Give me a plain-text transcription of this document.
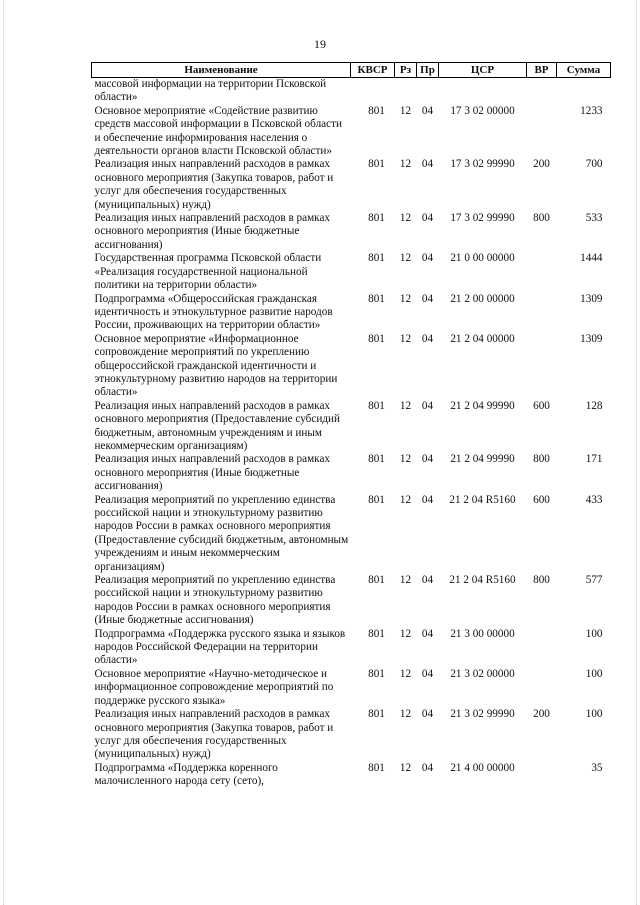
19
Наименование	КВСР	Рз	Пр	ЦСР	ВР	Сумма
массовой информации на территории Псковской области»						
Основное мероприятие «Содействие развитию средств массовой информации в Псковской области и обеспечение информирования населения о деятельности органов власти Псковской области»	801	12	04	17 3 02 00000		1233
Реализация иных направлений расходов в рамках основного мероприятия (Закупка товаров, работ и услуг для обеспечения государственных (муниципальных) нужд)	801	12	04	17 3 02 99990	200	700
Реализация иных направлений расходов в рамках основного мероприятия (Иные бюджетные ассигнования)	801	12	04	17 3 02 99990	800	533
Государственная программа Псковской области «Реализация государственной национальной политики на территории области»	801	12	04	21 0 00 00000		1444
Подпрограмма «Общероссийская гражданская идентичность и этнокультурное развитие народов России, проживающих на территории области»	801	12	04	21 2 00 00000		1309
Основное мероприятие «Информационное сопровождение мероприятий по укреплению общероссийской гражданской идентичности и этнокультурному развитию народов на территории области»	801	12	04	21 2 04 00000		1309
Реализация иных направлений расходов в рамках основного мероприятия (Предоставление субсидий бюджетным, автономным учреждениям и иным некоммерческим организациям)	801	12	04	21 2 04 99990	600	128
Реализация иных направлений расходов в рамках основного мероприятия (Иные бюджетные ассигнования)	801	12	04	21 2 04 99990	800	171
Реализация мероприятий по укреплению единства российской нации и этнокультурному развитию народов России в рамках основного мероприятия (Предоставление субсидий бюджетным, автономным учреждениям и иным некоммерческим организациям)	801	12	04	21 2 04 R5160	600	433
Реализация мероприятий по укреплению единства российской нации и этнокультурному развитию народов России в рамках основного мероприятия (Иные бюджетные ассигнования)	801	12	04	21 2 04 R5160	800	577
Подпрограмма «Поддержка русского языка и языков народов Российской Федерации на территории области»	801	12	04	21 3 00 00000		100
Основное мероприятие «Научно-методическое и информационное сопровождение мероприятий по поддержке русского языка»	801	12	04	21 3 02 00000		100
Реализация иных направлений расходов в рамках основного мероприятия (Закупка товаров, работ и услуг для обеспечения государственных (муниципальных) нужд)	801	12	04	21 3 02 99990	200	100
Подпрограмма «Поддержка коренного малочисленного народа сету (сето),	801	12	04	21 4 00 00000		35
